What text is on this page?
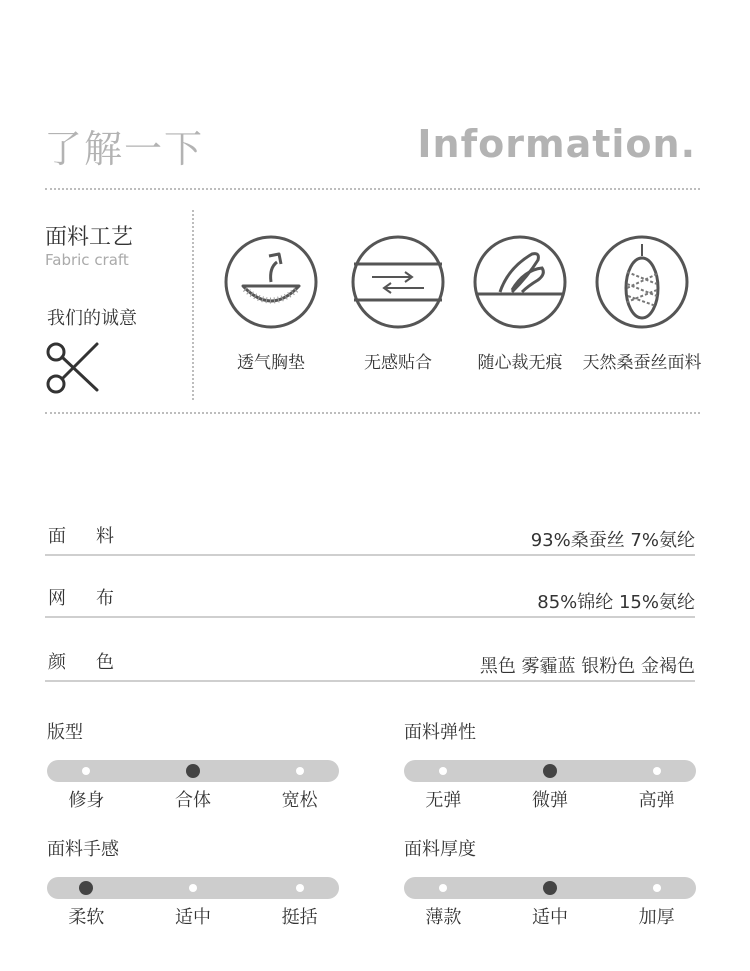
了解一下	Information.
面料工艺
Fabric craft
我们的诚意
透气胸垫	无感贴合	随心裁无痕	天然桑蚕丝面料
面料	93%桑蚕丝 7%氨纶
网布	85%锦纶 15%氨纶
颜色	黑色 雾霾蓝 银粉色 金褐色
版型
修身	合体	宽松
面料弹性
无弹	微弹	高弹
面料手感
柔软	适中	挺括
面料厚度
薄款	适中	加厚
